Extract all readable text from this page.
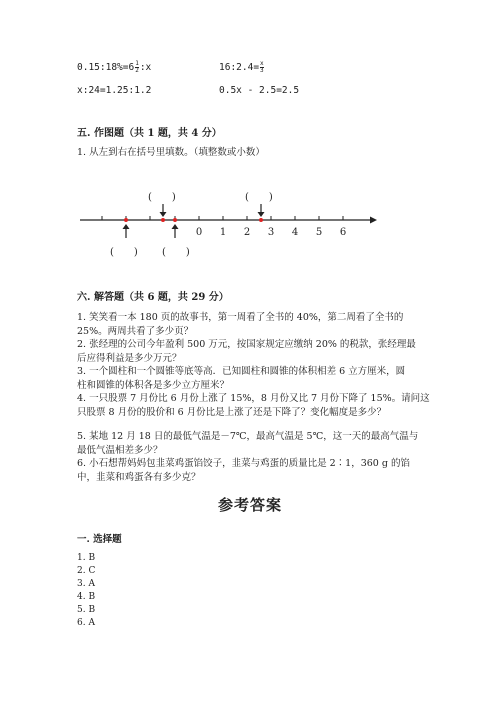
0.15:18%=6 $\frac{1}{2}$ :x	16:2.4= $\frac{x}{3}$
x:24=1.25:1.2	0.5x - 2.5=2.5
五. 作图题（共 1 题，共 4 分）
1. 从左到右在括号里填数。（填整数或小数）
(　　)	(　　)
(　　) (　　)
0 1 2 3 4 5 6
六. 解答题（共 6 题，共 29 分）
1. 笑笑看一本 180 页的故事书，第一周看了全书的 40%，第二周看了全书的
25%。两周共看了多少页？
2. 张经理的公司今年盈利 500 万元，按国家规定应缴纳 20% 的税款，张经理最
后应得利益是多少万元？
3. 一个圆柱和一个圆锥等底等高．已知圆柱和圆锥的体积相差 6 立方厘米，圆
柱和圆锥的体积各是多少立方厘米？
4. 一只股票 7 月份比 6 月份上涨了 15%，8 月份又比 7 月份下降了 15%。请问这
只股票 8 月份的股价和 6 月份比是上涨了还是下降了？变化幅度是多少？
5. 某地 12 月 18 日的最低气温是－7℃，最高气温是 5℃，这一天的最高气温与
最低气温相差多少？
6. 小石想帮妈妈包韭菜鸡蛋馅饺子，韭菜与鸡蛋的质量比是 2∶1，360 g 的馅
中，韭菜和鸡蛋各有多少克？
参考答案
一. 选择题
1. B
2. C
3. A
4. B
5. B
6. A
